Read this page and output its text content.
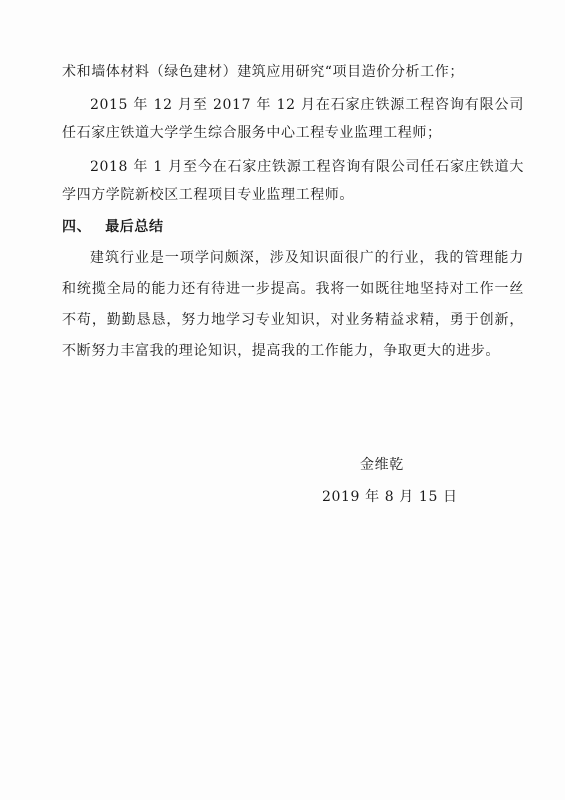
术和墙体材料（绿色建材）建筑应用研究“项目造价分析工作；
2015 年 12 月至 2017 年 12 月在石家庄铁源工程咨询有限公司任石家庄铁道大学学生综合服务中心工程专业监理工程师；
2018 年 1 月至今在石家庄铁源工程咨询有限公司任石家庄铁道大学四方学院新校区工程项目专业监理工程师。
四、 最后总结
建筑行业是一项学问颇深，涉及知识面很广的行业，我的管理能力和统揽全局的能力还有待进一步提高。我将一如既往地坚持对工作一丝不苟，勤勤恳恳，努力地学习专业知识，对业务精益求精，勇于创新，不断努力丰富我的理论知识，提高我的工作能力，争取更大的进步。
金维乾
2019 年 8 月 15 日
